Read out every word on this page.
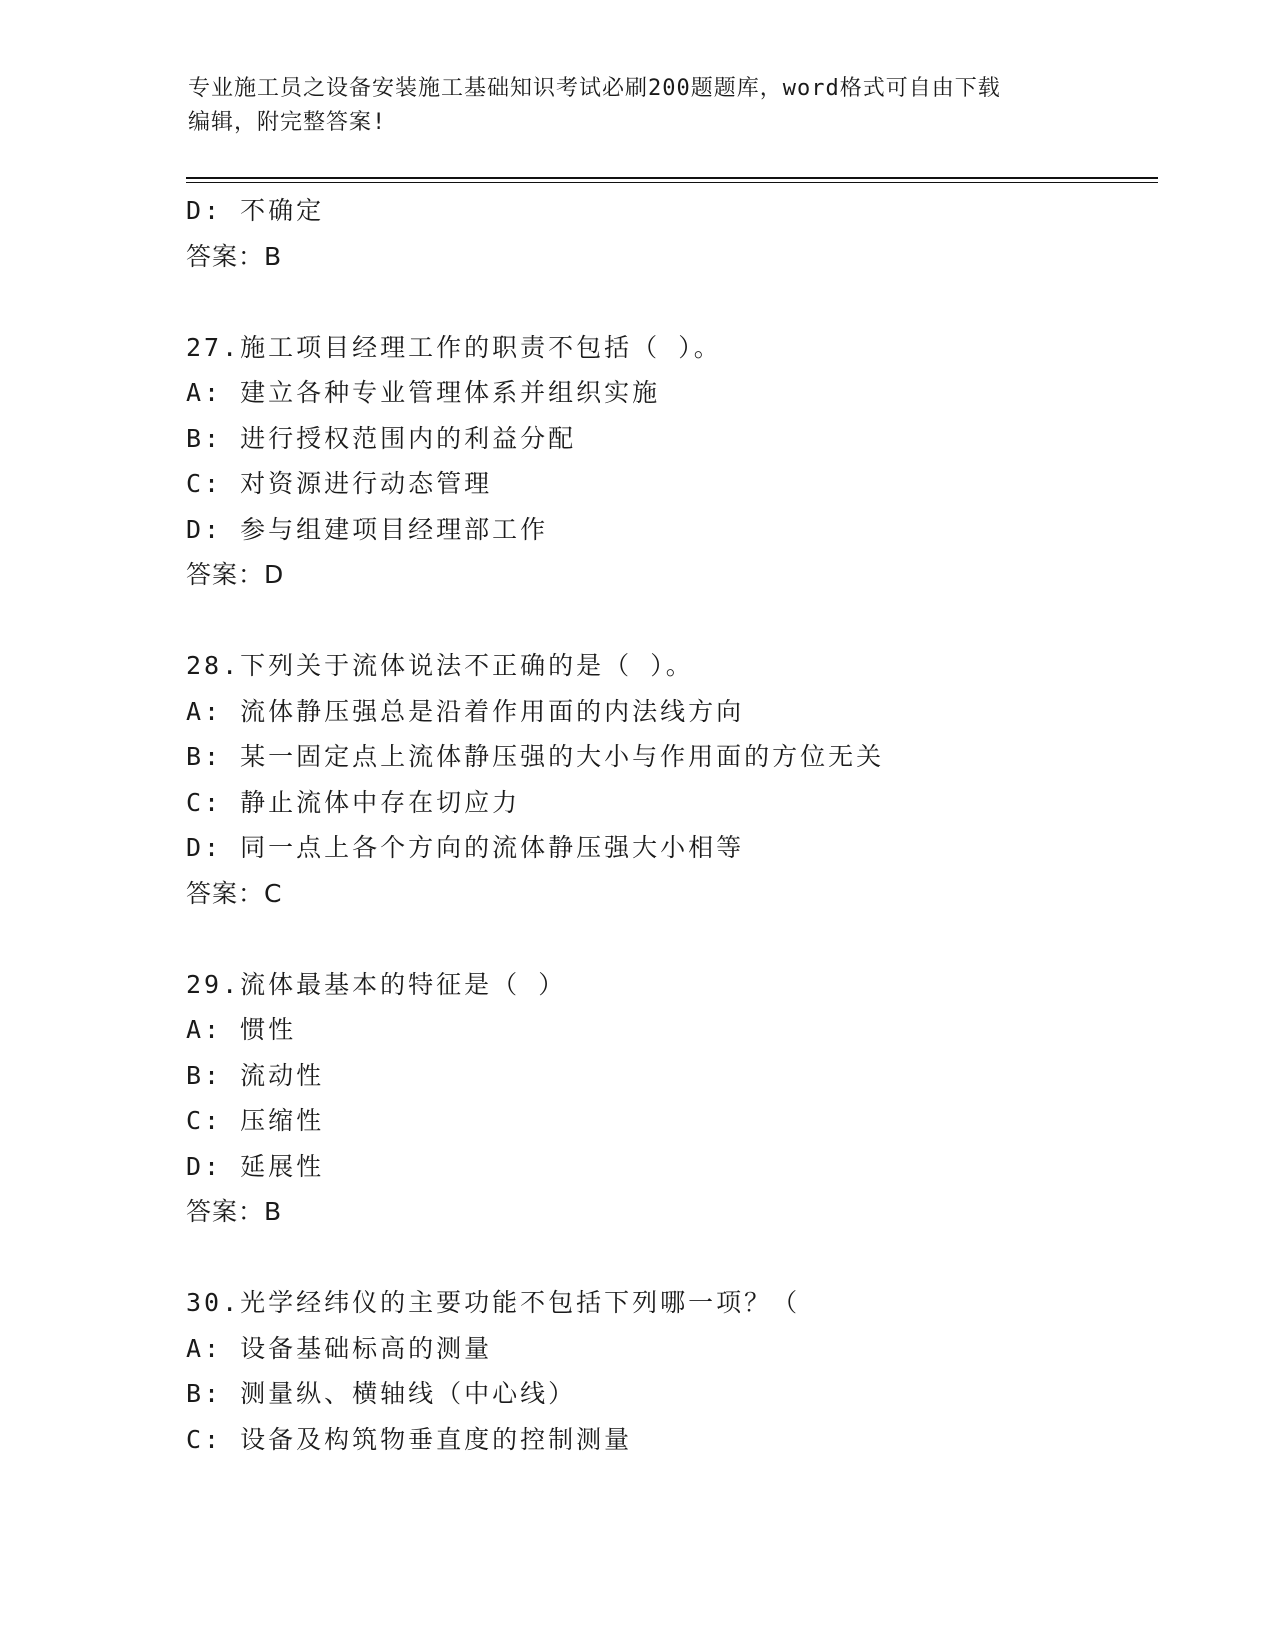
专业施工员之设备安装施工基础知识考试必刷200题题库，word格式可自由下载
编辑，附完整答案!
D: 不确定
答案：B
27.施工项目经理工作的职责不包括（ ）。
A: 建立各种专业管理体系并组织实施
B: 进行授权范围内的利益分配
C: 对资源进行动态管理
D: 参与组建项目经理部工作
答案：D
28.下列关于流体说法不正确的是（ ）。
A: 流体静压强总是沿着作用面的内法线方向
B: 某一固定点上流体静压强的大小与作用面的方位无关
C: 静止流体中存在切应力
D: 同一点上各个方向的流体静压强大小相等
答案：C
29.流体最基本的特征是（ ）
A: 惯性
B: 流动性
C: 压缩性
D: 延展性
答案：B
30.光学经纬仪的主要功能不包括下列哪一项？（
A: 设备基础标高的测量
B: 测量纵、横轴线（中心线）
C: 设备及构筑物垂直度的控制测量
